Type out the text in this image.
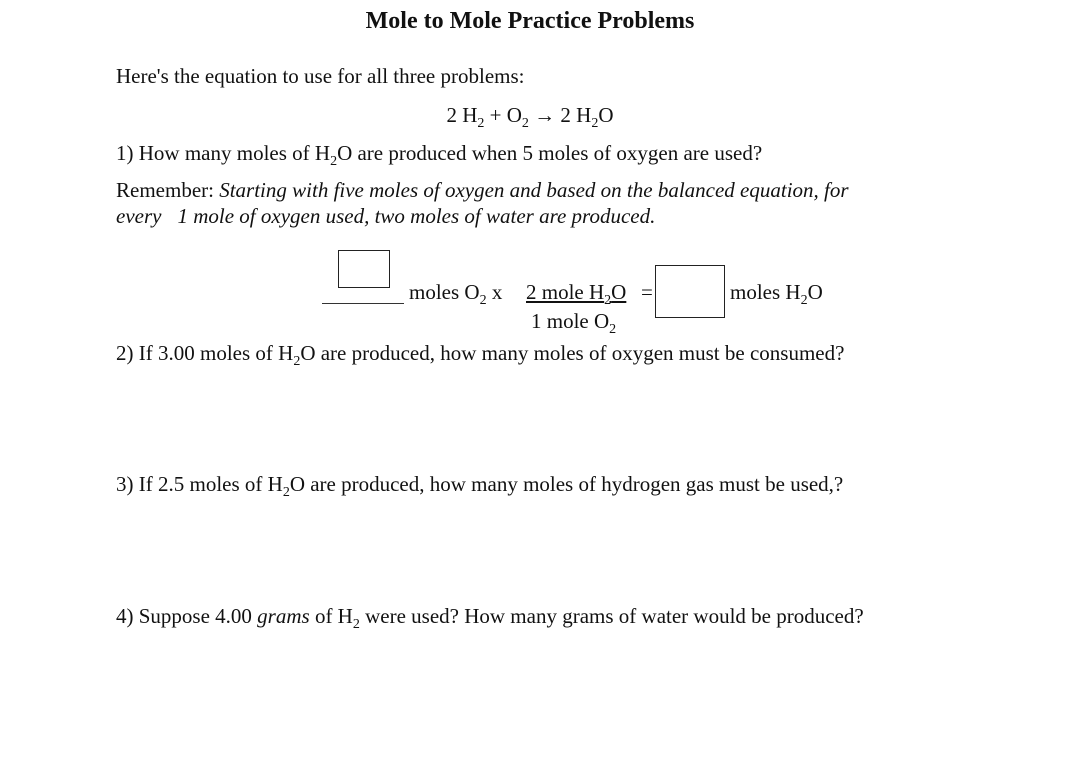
Mole to Mole Practice Problems
Here's the equation to use for all three problems:
2 $H_2 + O_2 \to 2$ $H_2O$
1) How many moles of $H_2O$ are produced when 5 moles of oxygen are used?
Remember: Starting with five moles of oxygen and based on the balanced equation, for
every 1 mole of oxygen used, two moles of water are produced.
moles $O_2$ x 2 mole $H_2O$ =	moles $H_2O$
1 mole $O_2$
2) If 3.00 moles of $H_2O$ are produced, how many moles of oxygen must be consumed?
3) If 2.5 moles of $H_2O$ are produced, how many moles of hydrogen gas must be used,?
4) Suppose 4.00 grams of $H_2$ were used? How many grams of water would be produced?
